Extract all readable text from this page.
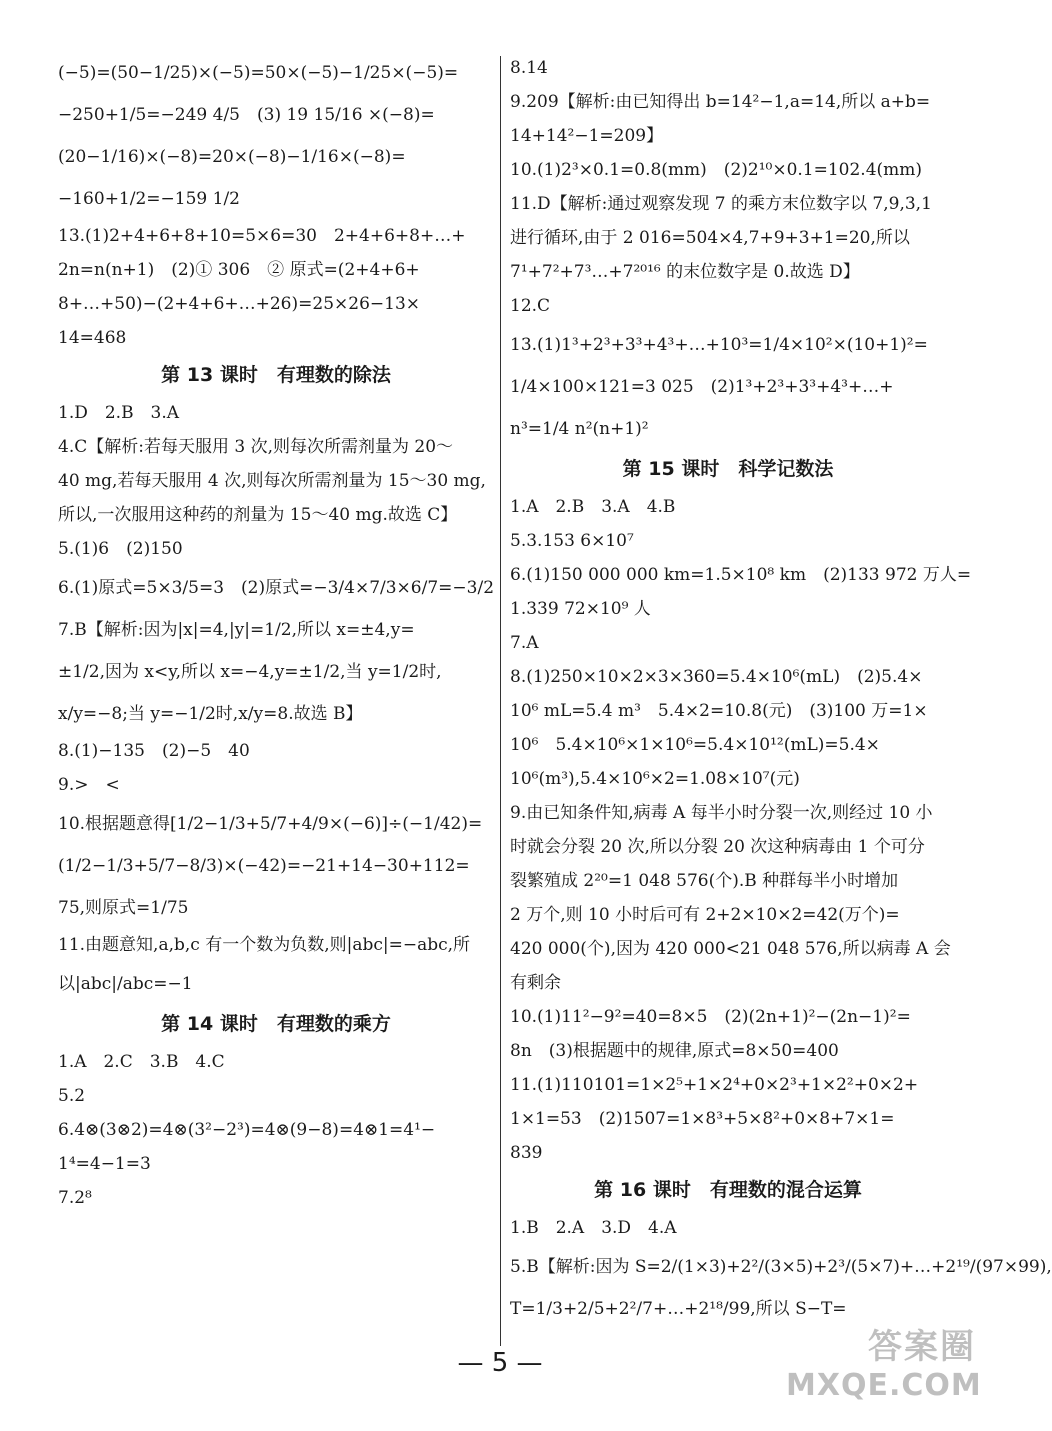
(−5)=(50−1/25)×(−5)=50×(−5)−1/25×(−5)=
−250+1/5=−249 4/5　(3) 19 15/16 ×(−8)=
(20−1/16)×(−8)=20×(−8)−1/16×(−8)=
−160+1/2=−159 1/2
13.(1)2+4+6+8+10=5×6=30　2+4+6+8+…+
2n=n(n+1)　(2)① 306　② 原式=(2+4+6+
8+…+50)−(2+4+6+…+26)=25×26−13×
14=468
第 13 课时　有理数的除法
1.D　2.B　3.A
4.C【解析:若每天服用 3 次,则每次所需剂量为 20～
40 mg,若每天服用 4 次,则每次所需剂量为 15～30 mg,
所以,一次服用这种药的剂量为 15～40 mg.故选 C】
5.(1)6　(2)150
6.(1)原式=5×3/5=3　(2)原式=−3/4×7/3×6/7=−3/2
7.B【解析:因为|x|=4,|y|=1/2,所以 x=±4,y=
±1/2,因为 x<y,所以 x=−4,y=±1/2,当 y=1/2时,
x/y=−8;当 y=−1/2时,x/y=8.故选 B】
8.(1)−135　(2)−5　40
9.>　<
10.根据题意得[1/2−1/3+5/7+4/9×(−6)]÷(−1/42)=
(1/2−1/3+5/7−8/3)×(−42)=−21+14−30+112=
75,则原式=1/75
11.由题意知,a,b,c 有一个数为负数,则|abc|=−abc,所
以|abc|/abc=−1
第 14 课时　有理数的乘方
1.A　2.C　3.B　4.C
5.2
6.4⊗(3⊗2)=4⊗(3²−2³)=4⊗(9−8)=4⊗1=4¹−
1⁴=4−1=3
7.2⁸
8.14
9.209【解析:由已知得出 b=14²−1,a=14,所以 a+b=
14+14²−1=209】
10.(1)2³×0.1=0.8(mm)　(2)2¹⁰×0.1=102.4(mm)
11.D【解析:通过观察发现 7 的乘方末位数字以 7,9,3,1
进行循环,由于 2 016=504×4,7+9+3+1=20,所以
7¹+7²+7³…+7²⁰¹⁶ 的末位数字是 0.故选 D】
12.C
13.(1)1³+2³+3³+4³+…+10³=1/4×10²×(10+1)²=
1/4×100×121=3 025　(2)1³+2³+3³+4³+…+
n³=1/4 n²(n+1)²
第 15 课时　科学记数法
1.A　2.B　3.A　4.B
5.3.153 6×10⁷
6.(1)150 000 000 km=1.5×10⁸ km　(2)133 972 万人=
1.339 72×10⁹ 人
7.A
8.(1)250×10×2×3×360=5.4×10⁶(mL)　(2)5.4×
10⁶ mL=5.4 m³　5.4×2=10.8(元)　(3)100 万=1×
10⁶　5.4×10⁶×1×10⁶=5.4×10¹²(mL)=5.4×
10⁶(m³),5.4×10⁶×2=1.08×10⁷(元)
9.由已知条件知,病毒 A 每半小时分裂一次,则经过 10 小
时就会分裂 20 次,所以分裂 20 次这种病毒由 1 个可分
裂繁殖成 2²⁰=1 048 576(个).B 种群每半小时增加
2 万个,则 10 小时后可有 2+2×10×2=42(万个)=
420 000(个),因为 420 000<21 048 576,所以病毒 A 会
有剩余
10.(1)11²−9²=40=8×5　(2)(2n+1)²−(2n−1)²=
8n　(3)根据题中的规律,原式=8×50=400
11.(1)110101=1×2⁵+1×2⁴+0×2³+1×2²+0×2+
1×1=53　(2)1507=1×8³+5×8²+0×8+7×1=
839
第 16 课时　有理数的混合运算
1.B　2.A　3.D　4.A
5.B【解析:因为 S=2/(1×3)+2²/(3×5)+2³/(5×7)+…+2¹⁹/(97×99),
T=1/3+2/5+2²/7+…+2¹⁸/99,所以 S−T=
— 5 —	答案圈
MXQE.COM
